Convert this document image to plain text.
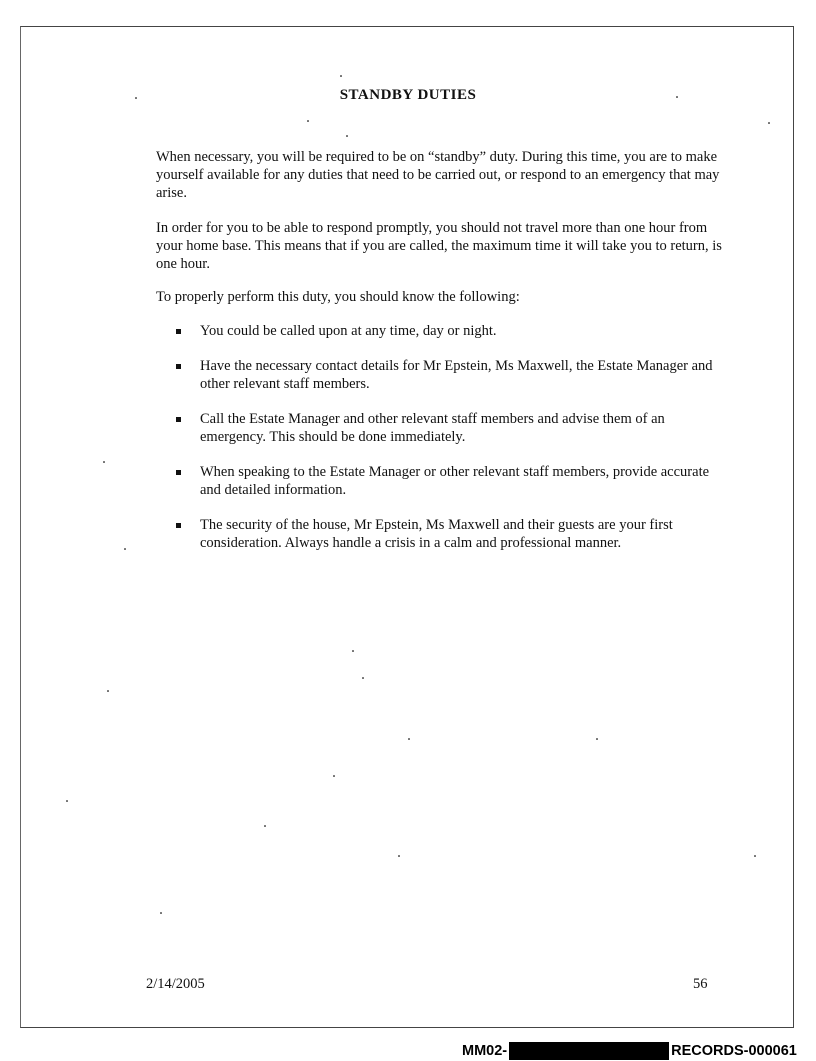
STANDBY DUTIES
When necessary, you will be required to be on “standby” duty. During this time, you are to make yourself available for any duties that need to be carried out, or respond to an emergency that may arise.
In order for you to be able to respond promptly, you should not travel more than one hour from your home base. This means that if you are called, the maximum time it will take you to return, is one hour.
To properly perform this duty, you should know the following:
You could be called upon at any time, day or night.
Have the necessary contact details for Mr Epstein, Ms Maxwell, the Estate Manager and other relevant staff members.
Call the Estate Manager and other relevant staff members and advise them of an emergency. This should be done immediately.
When speaking to the Estate Manager or other relevant staff members, provide accurate and detailed information.
The security of the house, Mr Epstein, Ms Maxwell and their guests are your first consideration. Always handle a crisis in a calm and professional manner.
2/14/2005	56
MM02-	RECORDS-000061
